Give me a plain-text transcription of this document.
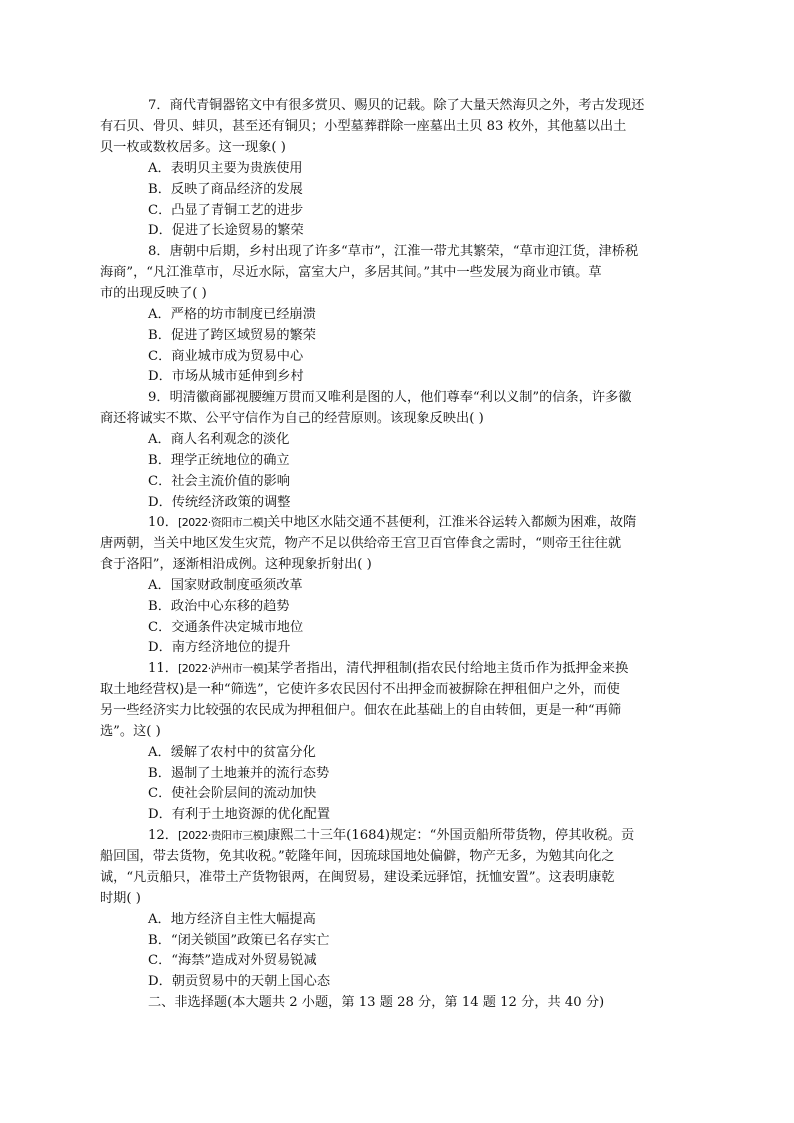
7．商代青铜器铭文中有很多赏贝、赐贝的记载。除了大量天然海贝之外，考古发现还
有石贝、骨贝、蚌贝，甚至还有铜贝；小型墓葬群除一座墓出土贝 83 枚外，其他墓以出土
贝一枚或数枚居多。这一现象( )

A．表明贝主要为贵族使用

B．反映了商品经济的发展

C．凸显了青铜工艺的进步

D．促进了长途贸易的繁荣

8．唐朝中后期，乡村出现了许多“草市”，江淮一带尤其繁荣，“草市迎江货，津桥税
海商”，“凡江淮草市，尽近水际，富室大户，多居其间。”其中一些发展为商业市镇。草
市的出现反映了( )

A．严格的坊市制度已经崩溃

B．促进了跨区域贸易的繁荣

C．商业城市成为贸易中心

D．市场从城市延伸到乡村

9．明清徽商鄙视腰缠万贯而又唯利是图的人，他们尊奉“利以义制”的信条，许多徽
商还将诚实不欺、公平守信作为自己的经营原则。该现象反映出( )

A．商人名利观念的淡化

B．理学正统地位的确立

C．社会主流价值的影响

D．传统经济政策的调整

10．[2022·资阳市二模]关中地区水陆交通不甚便利，江淮米谷运转入都颇为困难，故隋
唐两朝，当关中地区发生灾荒，物产不足以供给帝王宫卫百官俸食之需时，“则帝王往往就
食于洛阳”，逐渐相沿成例。这种现象折射出( )

A．国家财政制度亟须改革

B．政治中心东移的趋势

C．交通条件决定城市地位

D．南方经济地位的提升

11．[2022·泸州市一模]某学者指出，清代押租制(指农民付给地主货币作为抵押金来换
取土地经营权)是一种“筛选”，它使许多农民因付不出押金而被摒除在押租佃户之外，而使
另一些经济实力比较强的农民成为押租佃户。佃农在此基础上的自由转佃，更是一种“再筛
选”。这( )

A．缓解了农村中的贫富分化

B．遏制了土地兼并的流行态势

C．使社会阶层间的流动加快

D．有利于土地资源的优化配置

12．[2022·贵阳市三模]康熙二十三年(1684)规定：“外国贡船所带货物，停其收税。贡
船回国，带去货物，免其收税。”乾隆年间，因琉球国地处偏僻，物产无多，为勉其向化之
诚，“凡贡船只，准带土产货物银两，在闽贸易，建设柔远驿馆，抚恤安置”。这表明康乾
时期( )

A．地方经济自主性大幅提高

B．“闭关锁国”政策已名存实亡

C．“海禁”造成对外贸易锐减

D．朝贡贸易中的天朝上国心态

二、非选择题(本大题共 2 小题，第 13 题 28 分，第 14 题 12 分，共 40 分)
